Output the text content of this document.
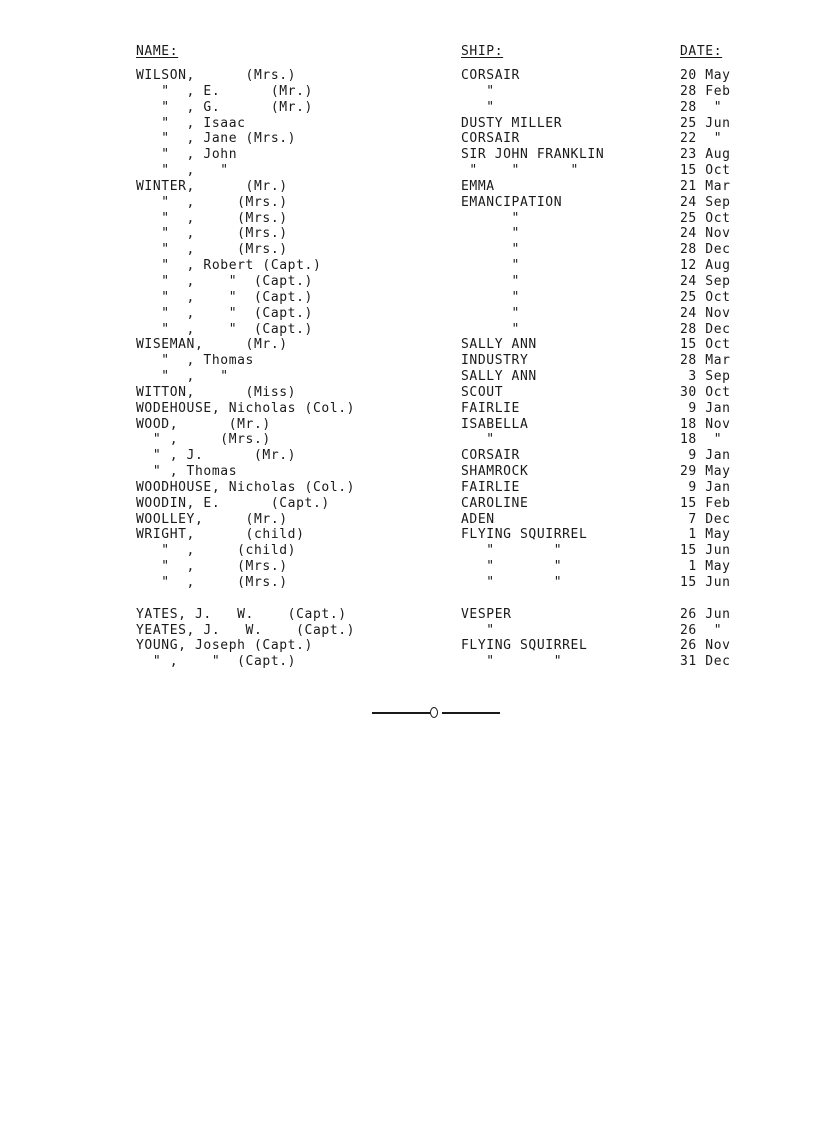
NAME:	SHIP:	DATE:
WILSON,      (Mrs.)	CORSAIR	20 May
"  , E.      (Mr.)	"	28 Feb
"  , G.      (Mr.)	"	28  "
"  , Isaac	DUSTY MILLER	25 Jun
"  , Jane (Mrs.)	CORSAIR	22  "
"  , John	SIR JOHN FRANKLIN	23 Aug
"  ,   "	"    "      "	15 Oct
WINTER,      (Mr.)	EMMA	21 Mar
"  ,     (Mrs.)	EMANCIPATION	24 Sep
"  ,     (Mrs.)	"	25 Oct
"  ,     (Mrs.)	"	24 Nov
"  ,     (Mrs.)	"	28 Dec
"  , Robert (Capt.)	"	12 Aug
"  ,    "  (Capt.)	"	24 Sep
"  ,    "  (Capt.)	"	25 Oct
"  ,    "  (Capt.)	"	24 Nov
"  ,    "  (Capt.)	"	28 Dec
WISEMAN,     (Mr.)	SALLY ANN	15 Oct
"  , Thomas	INDUSTRY	28 Mar
"  ,   "	SALLY ANN	3 Sep
WITTON,      (Miss)	SCOUT	30 Oct
WODEHOUSE, Nicholas (Col.)	FAIRLIE	9 Jan
WOOD,      (Mr.)	ISABELLA	18 Nov
" ,     (Mrs.)	"	18  "
" , J.      (Mr.)	CORSAIR	9 Jan
" , Thomas	SHAMROCK	29 May
WOODHOUSE, Nicholas (Col.)	FAIRLIE	9 Jan
WOODIN, E.      (Capt.)	CAROLINE	15 Feb
WOOLLEY,     (Mr.)	ADEN	7 Dec
WRIGHT,      (child)	FLYING SQUIRREL	1 May
"  ,     (child)	"       "	15 Jun
"  ,     (Mrs.)	"       "	1 May
"  ,     (Mrs.)	"       "	15 Jun
YATES, J.   W.    (Capt.)	VESPER	26 Jun
YEATES, J.   W.    (Capt.)	"	26  "
YOUNG, Joseph (Capt.)	FLYING SQUIRREL	26 Nov
" ,    "  (Capt.)	"       "	31 Dec
